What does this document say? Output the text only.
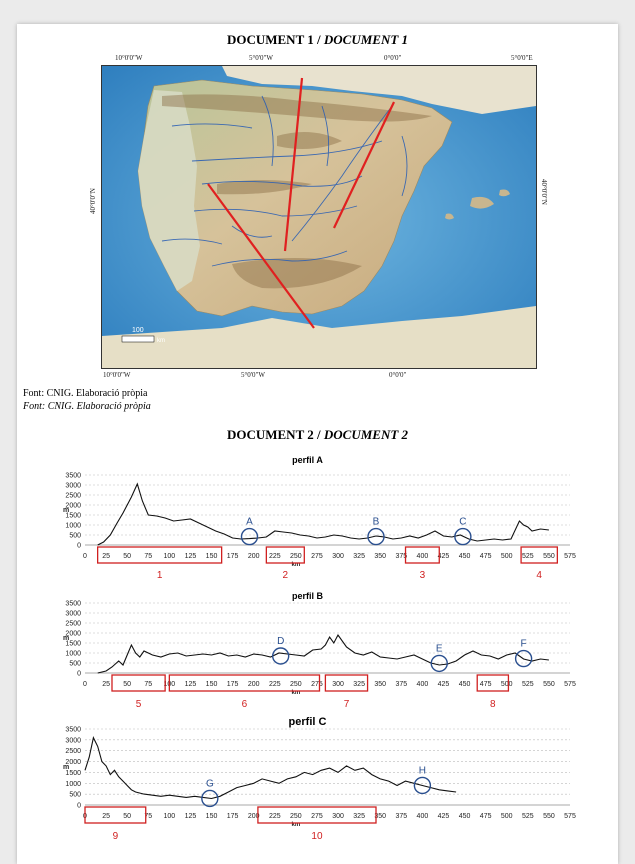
DOCUMENT 1 / DOCUMENT 1
10°0'0"W	5°0'0"W	0°0'0"	5°0'0"E
10°0'0"W	5°0'0"W	0°0'0"
40°0'0"N	40°0'0"N
100
km
Font: CNIG. Elaboració pròpia
Font: CNIG. Elaboració pròpia
DOCUMENT 2 / DOCUMENT 2
perfil A
0
500
1000
1500
2000
2500
3000
3500
m
0 25 50 75 100 125 150 175 200 225 250 275 300 325 350 375 400 425 450 475 500 525 550 575
km
A	B	C
1	2	3	4
perfil B
0
500
1000
1500
2000
2500
3000
3500
m
0 25 50 75 100 125 150 175 200 225 250 275 300 325 350 375 400 425 450 475 500 525 550 575
km
D
E	F
5	6	7	8
perfil C
0
500
1000
1500
2000
2500
3000
3500
m
0 25 50 75 100 125 150 175 200 225 250 275 300 325 350 375 400 425 450 475 500 525 550 575
km
G
H
9	10
